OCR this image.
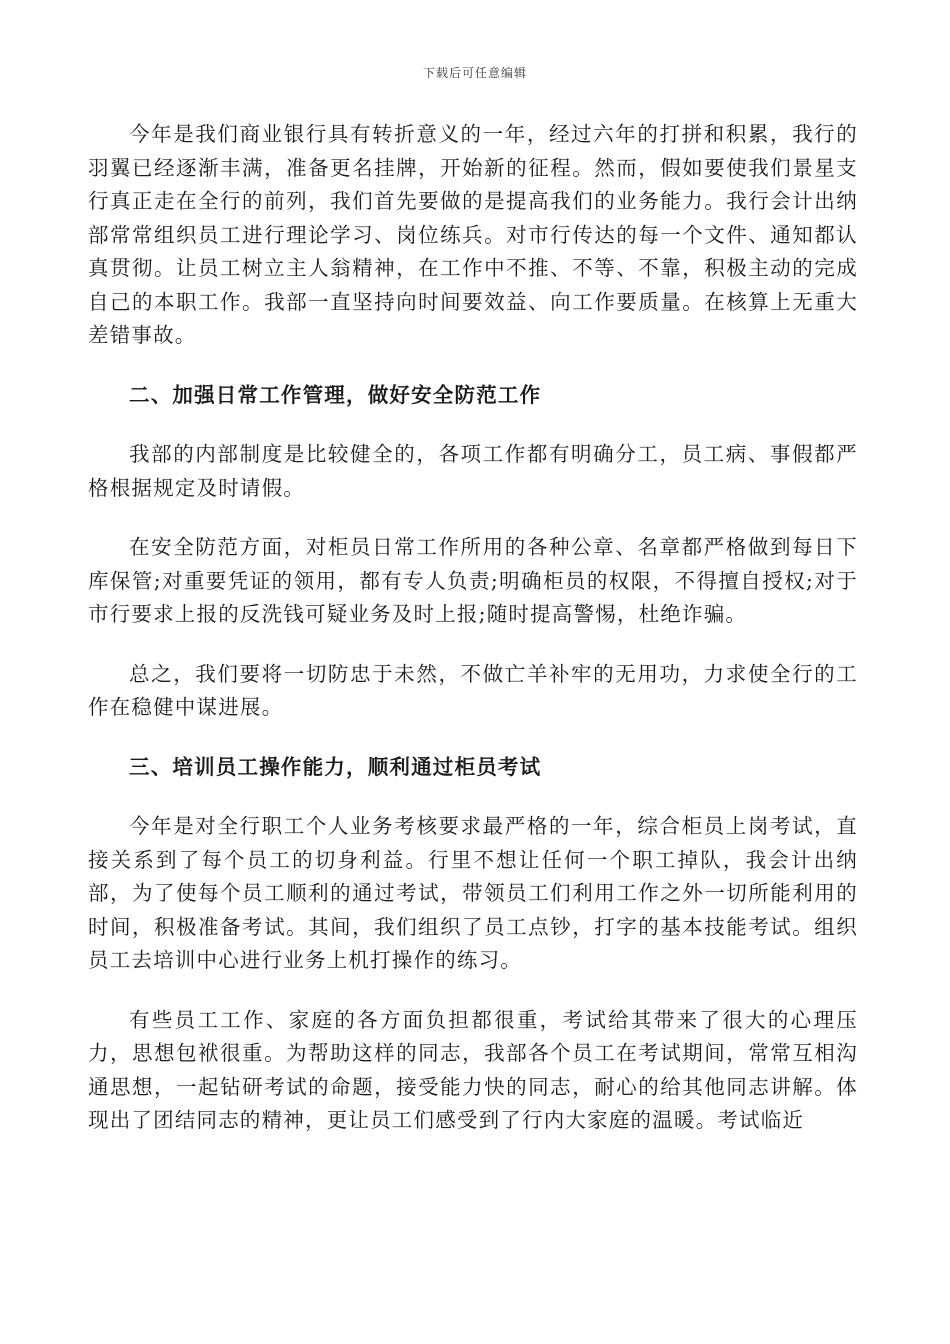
下载后可任意编辑

今年是我们商业银行具有转折意义的一年，经过六年的打拼和积累，我行的羽翼已经逐渐丰满，准备更名挂牌，开始新的征程。然而，假如要使我们景星支行真正走在全行的前列，我们首先要做的是提高我们的业务能力。我行会计出纳部常常组织员工进行理论学习、岗位练兵。对市行传达的每一个文件、通知都认真贯彻。让员工树立主人翁精神，在工作中不推、不等、不靠，积极主动的完成自己的本职工作。我部一直坚持向时间要效益、向工作要质量。在核算上无重大差错事故。

二、加强日常工作管理，做好安全防范工作

我部的内部制度是比较健全的，各项工作都有明确分工，员工病、事假都严格根据规定及时请假。

在安全防范方面，对柜员日常工作所用的各种公章、名章都严格做到每日下库保管;对重要凭证的领用，都有专人负责;明确柜员的权限，不得擅自授权;对于市行要求上报的反洗钱可疑业务及时上报;随时提高警惕，杜绝诈骗。

总之，我们要将一切防忠于未然，不做亡羊补牢的无用功，力求使全行的工作在稳健中谋进展。

三、培训员工操作能力，顺利通过柜员考试

今年是对全行职工个人业务考核要求最严格的一年，综合柜员上岗考试，直接关系到了每个员工的切身利益。行里不想让任何一个职工掉队，我会计出纳部，为了使每个员工顺利的通过考试，带领员工们利用工作之外一切所能利用的时间，积极准备考试。其间，我们组织了员工点钞，打字的基本技能考试。组织员工去培训中心进行业务上机打操作的练习。

有些员工工作、家庭的各方面负担都很重，考试给其带来了很大的心理压力，思想包袱很重。为帮助这样的同志，我部各个员工在考试期间，常常互相沟通思想，一起钻研考试的命题，接受能力快的同志，耐心的给其他同志讲解。体现出了团结同志的精神，更让员工们感受到了行内大家庭的温暖。考试临近
